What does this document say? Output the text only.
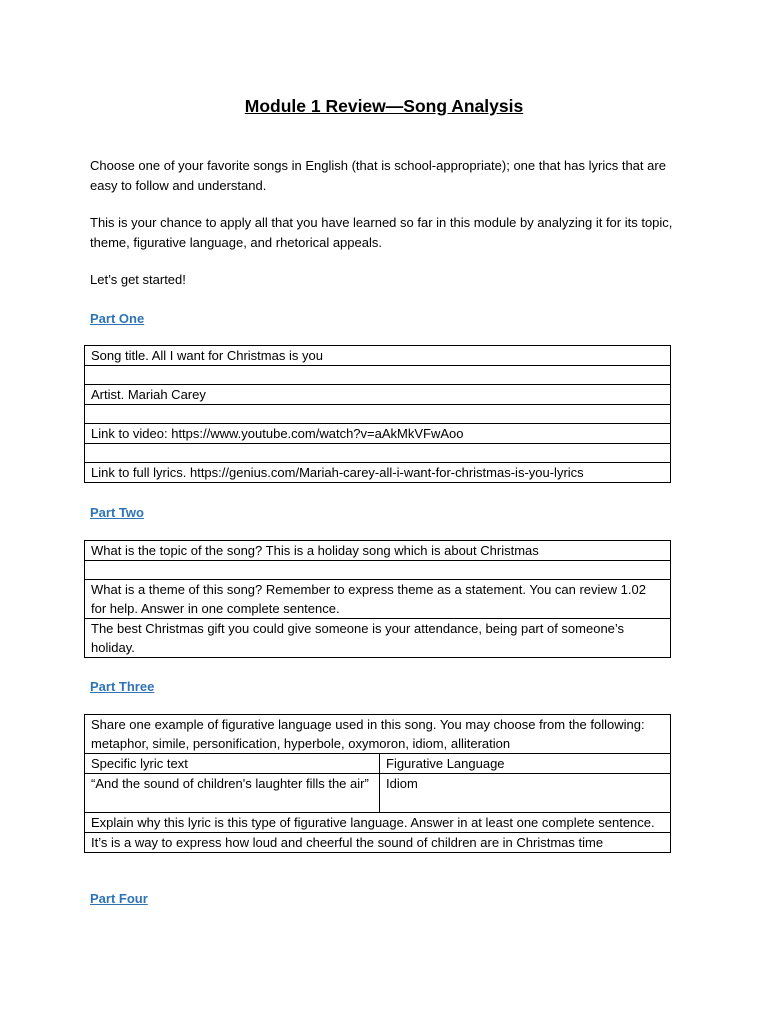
Module 1 Review—Song Analysis
Choose one of your favorite songs in English (that is school-appropriate); one that has lyrics that are easy to follow and understand.
This is your chance to apply all that you have learned so far in this module by analyzing it for its topic, theme, figurative language, and rhetorical appeals.
Let’s get started!
Part One
Song title. All I want for Christmas is you

Artist. Mariah Carey

Link to video: https://www.youtube.com/watch?v=aAkMkVFwAoo

Link to full lyrics. https://genius.com/Mariah-carey-all-i-want-for-christmas-is-you-lyrics
Part Two
What is the topic of the song? This is a holiday song which is about Christmas

What is a theme of this song? Remember to express theme as a statement. You can review 1.02 for help. Answer in one complete sentence.
The best Christmas gift you could give someone is your attendance, being part of someone’s holiday.
Part Three
Share one example of figurative language used in this song. You may choose from the following: metaphor, simile, personification, hyperbole, oxymoron, idiom, alliteration	
Specific lyric text	Figurative Language
“And the sound of children's laughter fills the air”	Idiom
Explain why this lyric is this type of figurative language. Answer in at least one complete sentence.	
It’s is a way to express how loud and cheerful the sound of children are in Christmas time	
Part Four
